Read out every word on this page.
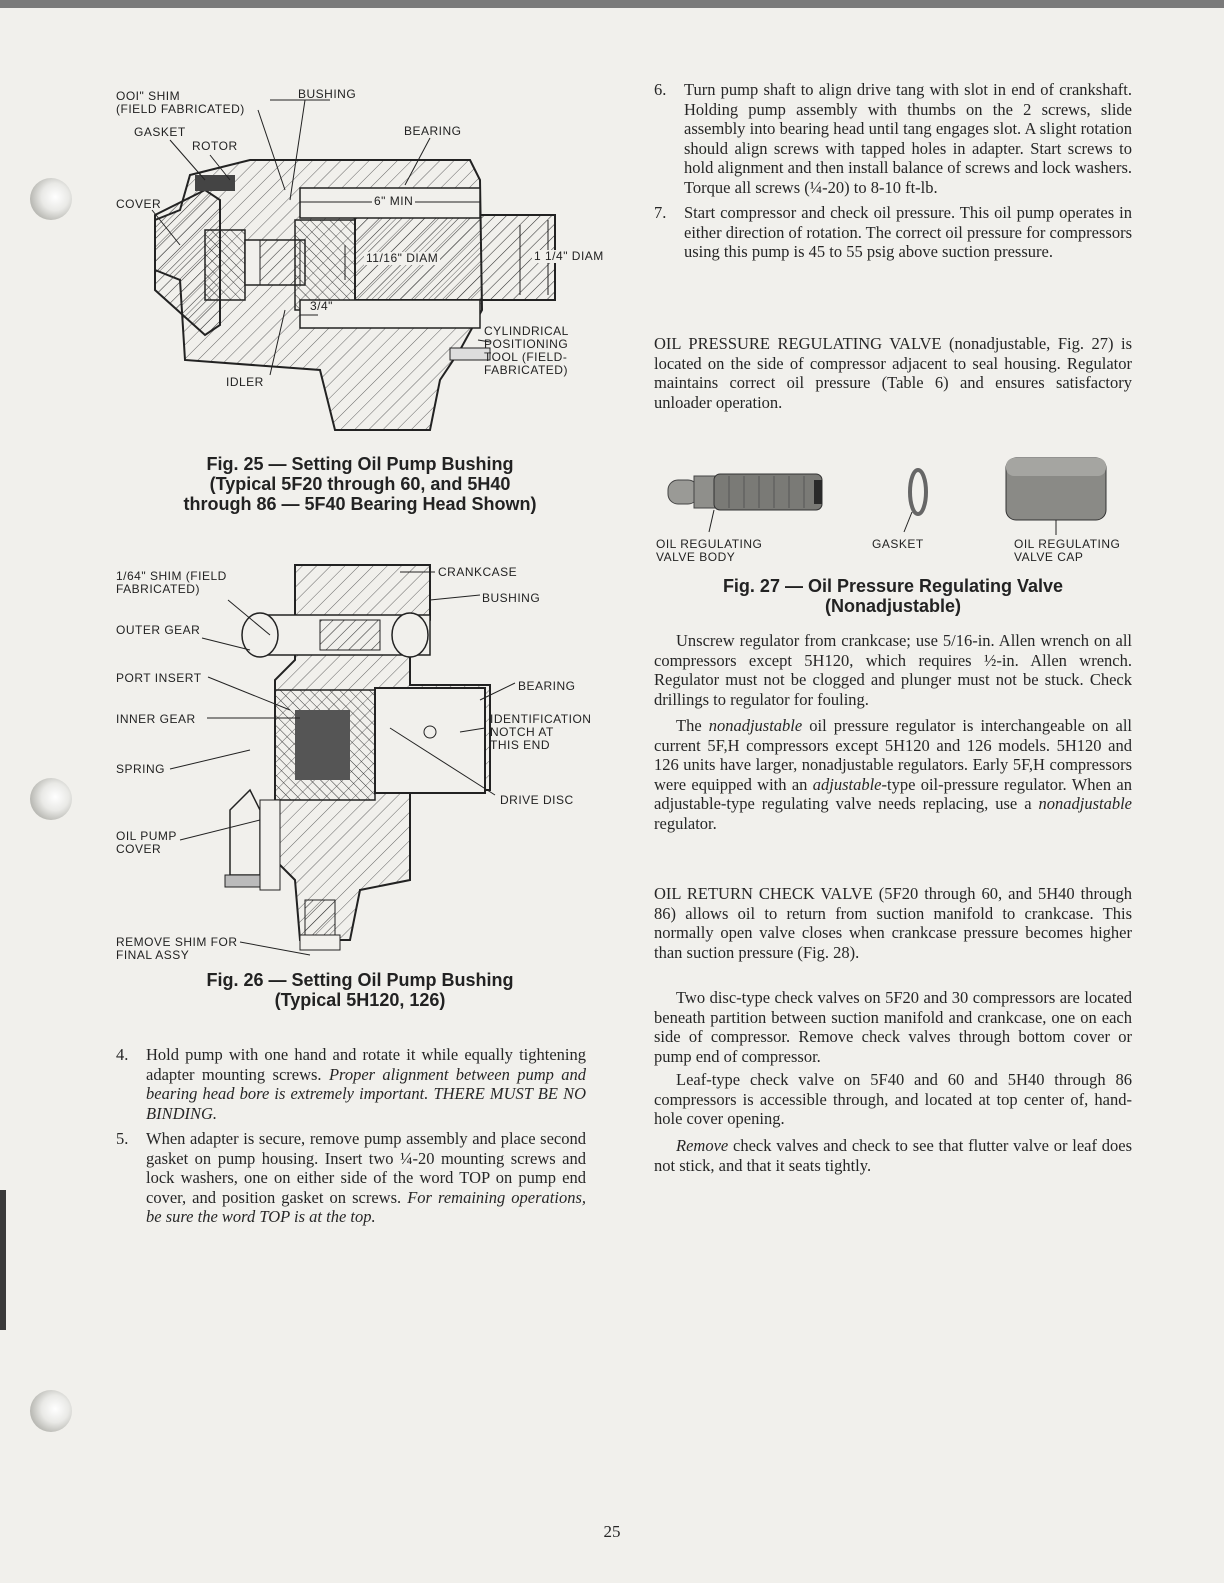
OOI" SHIM
(FIELD FABRICATED)
BUSHING
GASKET
ROTOR
BEARING
COVER	6" MIN
11/16" DIAM	1 1/4" DIAM
3/4"
CYLINDRICAL
POSITIONING
TOOL (FIELD-
FABRICATED)
IDLER
Fig. 25 — Setting Oil Pump Bushing
(Typical 5F20 through 60, and 5H40
through 86 — 5F40 Bearing Head Shown)
1/64" SHIM (FIELD
FABRICATED)
CRANKCASE
BUSHING
OUTER GEAR
PORT INSERT
BEARING
INNER GEAR	IDENTIFICATION
NOTCH AT
THIS END
SPRING
DRIVE DISC
OIL PUMP
COVER
REMOVE SHIM FOR
FINAL ASSY
Fig. 26 — Setting Oil Pump Bushing
(Typical 5H120, 126)
4. Hold pump with one hand and rotate it while equally tightening adapter mounting screws. Proper alignment between pump and bearing head bore is extremely important. THERE MUST BE NO BINDING.
5. When adapter is secure, remove pump assembly and place second gasket on pump housing. Insert two ¼-20 mounting screws and lock washers, one on either side of the word TOP on pump end cover, and position gasket on screws. For remaining operations, be sure the word TOP is at the top.
6. Turn pump shaft to align drive tang with slot in end of crankshaft. Holding pump assembly with thumbs on the 2 screws, slide assembly into bearing head until tang engages slot. A slight rotation should align screws with tapped holes in adapter. Start screws to hold alignment and then install balance of screws and lock washers. Torque all screws (¼-20) to 8-10 ft-lb.
7. Start compressor and check oil pressure. This oil pump operates in either direction of rotation. The correct oil pressure for compressors using this pump is 45 to 55 psig above suction pressure.
OIL PRESSURE REGULATING VALVE (nonadjustable, Fig. 27) is located on the side of compressor adjacent to seal housing. Regulator maintains correct oil pressure (Table 6) and ensures satisfactory unloader operation.
OIL REGULATING
VALVE BODY
GASKET	OIL REGULATING
VALVE CAP
Fig. 27 — Oil Pressure Regulating Valve
(Nonadjustable)
Unscrew regulator from crankcase; use 5/16-in. Allen wrench on all compressors except 5H120, which requires ½-in. Allen wrench. Regulator must not be clogged and plunger must not be stuck. Check drillings to regulator for fouling.
The nonadjustable oil pressure regulator is interchangeable on all current 5F,H compressors except 5H120 and 126 models. 5H120 and 126 units have larger, nonadjustable regulators. Early 5F,H compressors were equipped with an adjustable-type oil-pressure regulator. When an adjustable-type regulating valve needs replacing, use a nonadjustable regulator.
OIL RETURN CHECK VALVE (5F20 through 60, and 5H40 through 86) allows oil to return from suction manifold to crankcase. This normally open valve closes when crankcase pressure becomes higher than suction pressure (Fig. 28).
Two disc-type check valves on 5F20 and 30 compressors are located beneath partition between suction manifold and crankcase, one on each side of compressor. Remove check valves through bottom cover or pump end of compressor.
Leaf-type check valve on 5F40 and 60 and 5H40 through 86 compressors is accessible through, and located at top center of, hand-hole cover opening.
Remove check valves and check to see that flutter valve or leaf does not stick, and that it seats tightly.
25
